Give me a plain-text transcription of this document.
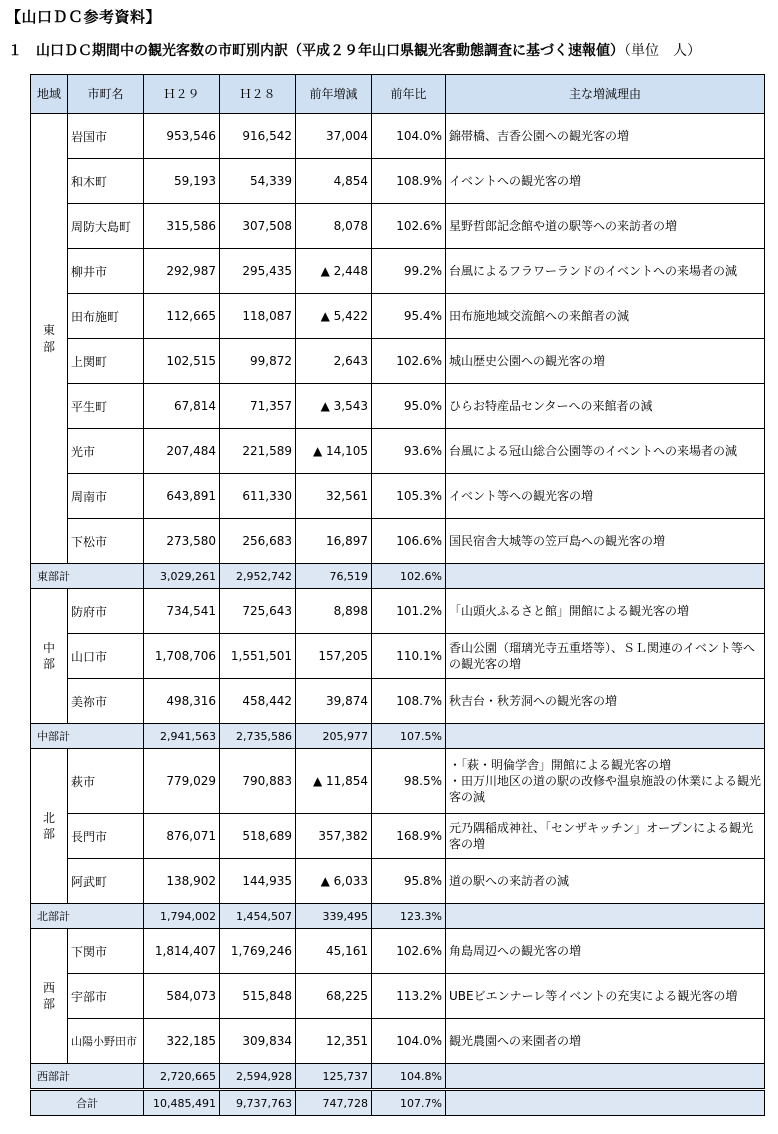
【山口ＤＣ参考資料】
１　山口ＤＣ期間中の観光客数の市町別内訳（平成２９年山口県観光客動態調査に基づく速報値）（単位　人）
地域	市町名	Ｈ２９	Ｈ２８	前年増減	前年比	主な増減理由
東
部	岩国市	953,546	916,542	37,004	104.0%	錦帯橋、吉香公園への観光客の増
	和木町	59,193	54,339	4,854	108.9%	イベントへの観光客の増
	周防大島町	315,586	307,508	8,078	102.6%	星野哲郎記念館や道の駅等への来訪者の増
	柳井市	292,987	295,435	▲ 2,448	99.2%	台風によるフラワーランドのイベントへの来場者の減
	田布施町	112,665	118,087	▲ 5,422	95.4%	田布施地域交流館への来館者の減
	上関町	102,515	99,872	2,643	102.6%	城山歴史公園への観光客の増
	平生町	67,814	71,357	▲ 3,543	95.0%	ひらお特産品センターへの来館者の減
	光市	207,484	221,589	▲ 14,105	93.6%	台風による冠山総合公園等のイベントへの来場者の減
	周南市	643,891	611,330	32,561	105.3%	イベント等への観光客の増
	下松市	273,580	256,683	16,897	106.6%	国民宿舎大城等の笠戸島への観光客の増
東部計		3,029,261	2,952,742	76,519	102.6%	
中
部	防府市	734,541	725,643	8,898	101.2%	「山頭火ふるさと館」開館による観光客の増
	山口市	1,708,706	1,551,501	157,205	110.1%	香山公園（瑠璃光寺五重塔等）、ＳＬ関連のイベント等への観光客の増
	美祢市	498,316	458,442	39,874	108.7%	秋吉台・秋芳洞への観光客の増
中部計		2,941,563	2,735,586	205,977	107.5%	
北
部	萩市	779,029	790,883	▲ 11,854	98.5%	・「萩・明倫学舎」開館による観光客の増
・田万川地区の道の駅の改修や温泉施設の休業による観光客の減
	長門市	876,071	518,689	357,382	168.9%	元乃隅稲成神社、「センザキッチン」オープンによる観光客の増
	阿武町	138,902	144,935	▲ 6,033	95.8%	道の駅への来訪者の減
北部計		1,794,002	1,454,507	339,495	123.3%	
西
部	下関市	1,814,407	1,769,246	45,161	102.6%	角島周辺への観光客の増
	宇部市	584,073	515,848	68,225	113.2%	UBEビエンナーレ等イベントの充実による観光客の増
	山陽小野田市	322,185	309,834	12,351	104.0%	観光農園への来園者の増
西部計		2,720,665	2,594,928	125,737	104.8%	
合計		10,485,491	9,737,763	747,728	107.7%	
